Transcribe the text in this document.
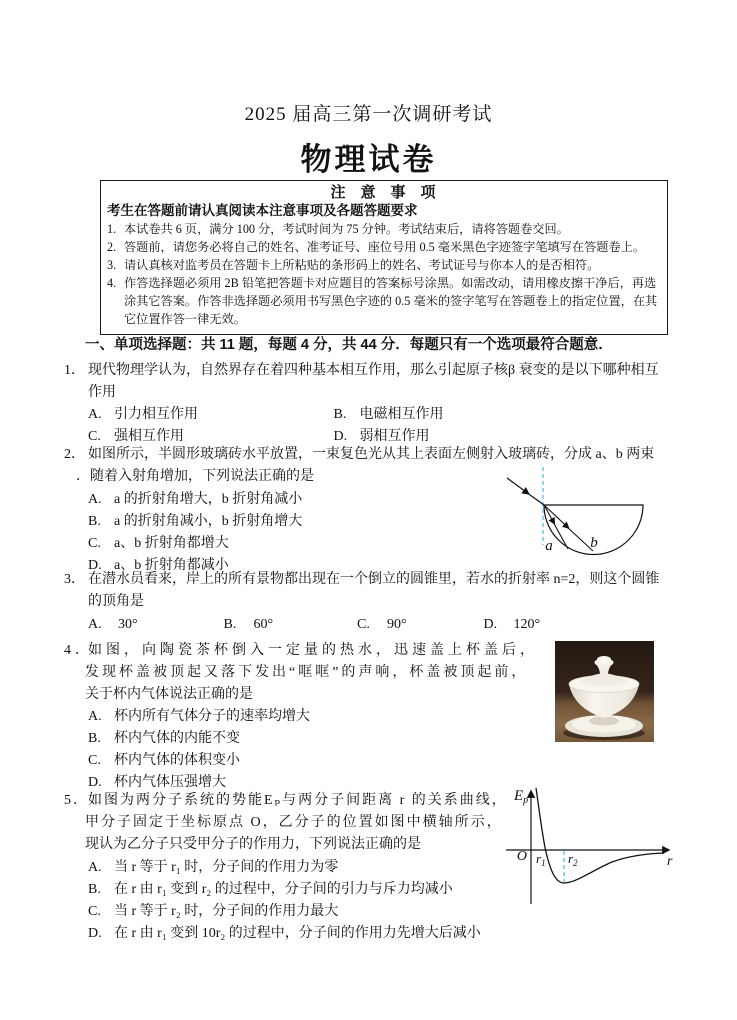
2025 届高三第一次调研考试
物理试卷
注　意　事　项
考生在答题前请认真阅读本注意事项及各题答题要求
1. 本试卷共 6 页，满分 100 分，考试时间为 75 分钟。考试结束后，请将答题卷交回。
2. 答题前，请您务必将自己的姓名、准考证号、座位号用 0.5 毫米黑色字迹签字笔填写在答题卷上。
3. 请认真核对监考员在答题卡上所粘贴的条形码上的姓名、考试证号与你本人的是否相符。
4. 作答选择题必须用 2B 铅笔把答题卡对应题目的答案标号涂黑。如需改动，请用橡皮擦干净后，再选涂其它答案。作答非选择题必须用书写黑色字迹的 0.5 毫米的签字笔写在答题卷上的指定位置，在其它位置作答一律无效。
一、单项选择题：共 11 题，每题 4 分，共 44 分．每题只有一个选项最符合题意．
1． 现代物理学认为，自然界存在着四种基本相互作用，那么引起原子核β 衰变的是以下哪种相互
作用
A. 引力相互作用	B. 电磁相互作用
C. 强相互作用	D. 弱相互作用
2． 如图所示，半圆形玻璃砖水平放置，一束复色光从其上表面左侧射入玻璃砖，分成 a、b 两束
．随着入射角增加，下列说法正确的是
A. a 的折射角增大，b 折射角减小
B. a 的折射角减小，b 折射角增大
C. a、b 折射角都增大
D. a、b 折射角都减小
a	b
3． 在潜水员看来，岸上的所有景物都出现在一个倒立的圆锥里，若水的折射率 n=2，则这个圆锥
的顶角是
A. 30°	B. 60°	C. 90°	D. 120°
4．如图，向陶瓷茶杯倒入一定量的热水，迅速盖上杯盖后，
发现杯盖被顶起又落下发出“哐哐”的声响，杯盖被顶起前，
关于杯内气体说法正确的是
A. 杯内所有气体分子的速率均增大
B. 杯内气体的内能不变
C. 杯内气体的体积变小
D. 杯内气体压强增大
5．如图为两分子系统的势能Eₚ与两分子间距离 r 的关系曲线，
甲分子固定于坐标原点 O，乙分子的位置如图中横轴所示，
现认为乙分子只受甲分子的作用力，下列说法正确的是
A. 当 r 等于 r₁ 时，分子间的作用力为零
B. 在 r 由 r₁ 变到 r₂ 的过程中，分子间的引力与斥力均减小
C. 当 r 等于 r₂ 时，分子间的作用力最大
D. 在 r 由 r₁ 变到 10r₂ 的过程中，分子间的作用力先增大后减小
$E_p$
O	r
$r_1$ $r_2$
